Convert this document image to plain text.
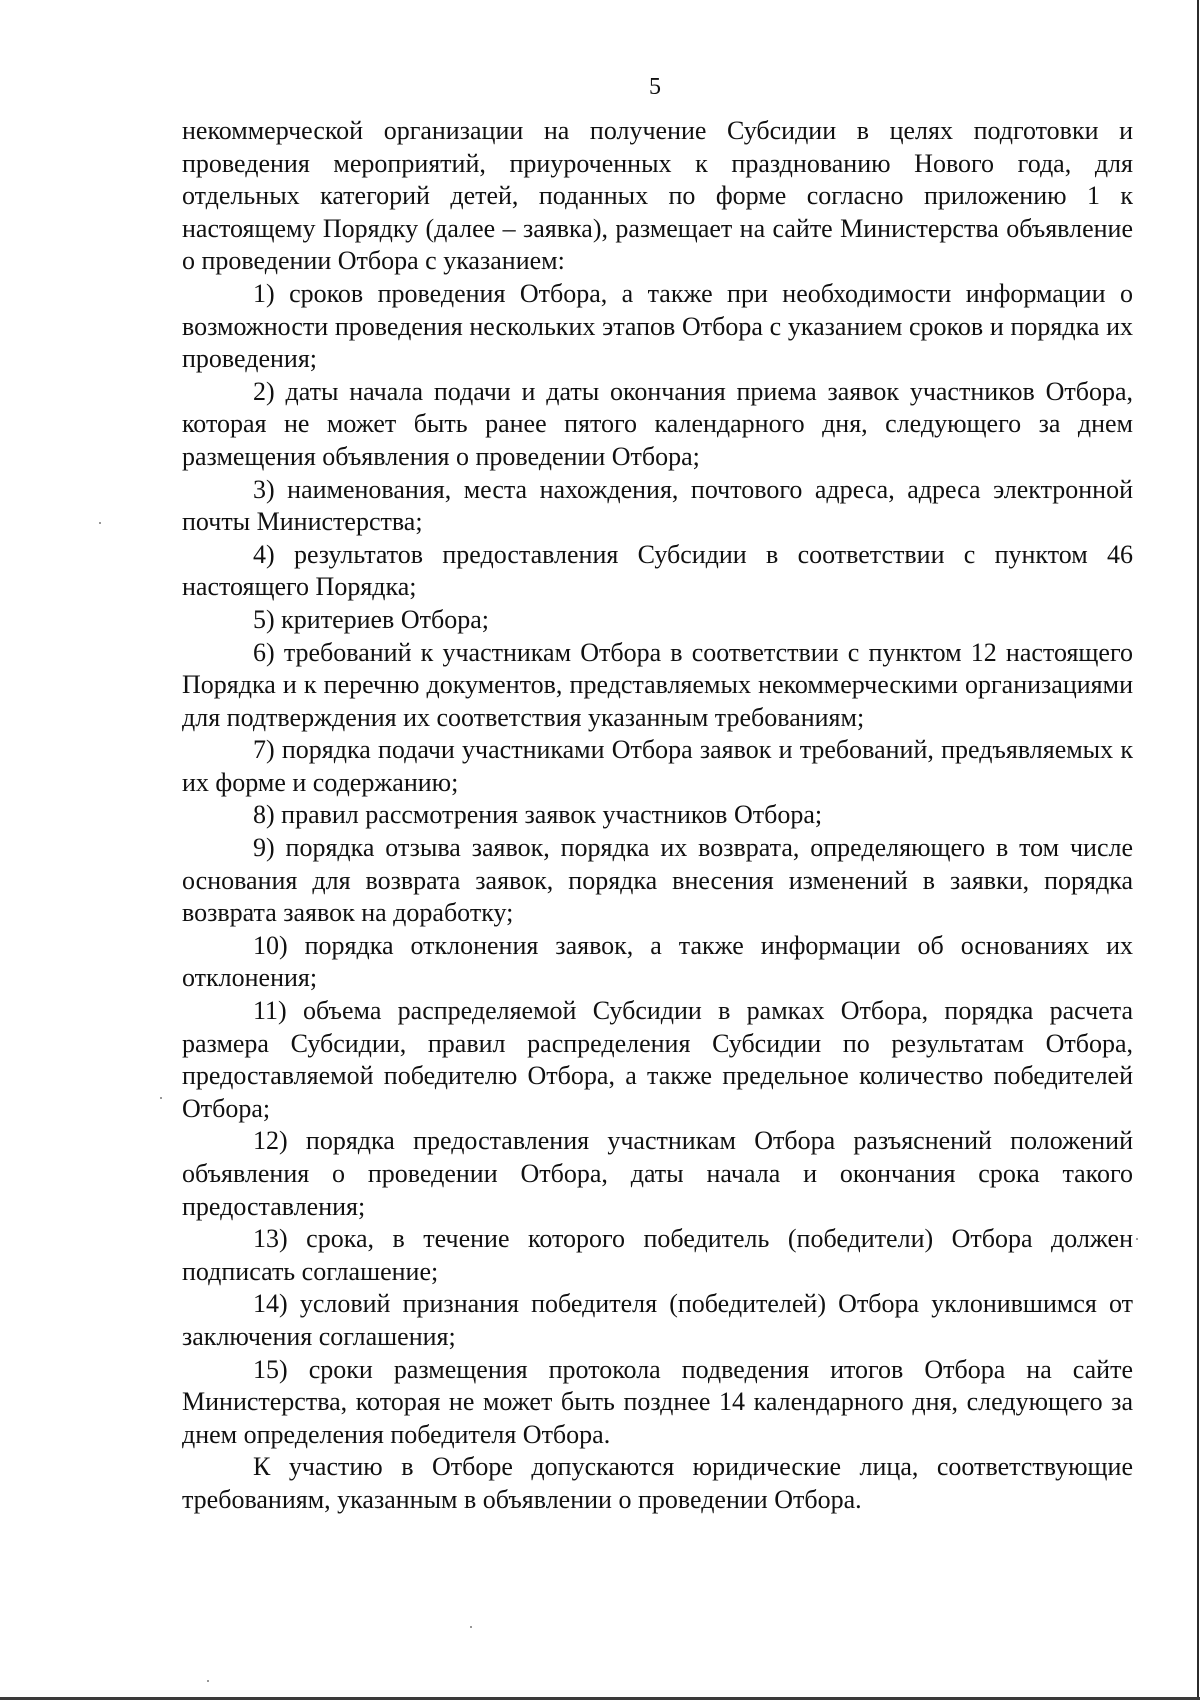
5

некоммерческой организации на получение Субсидии в целях подготовки и проведения мероприятий, приуроченных к празднованию Нового года, для отдельных категорий детей, поданных по форме согласно приложению 1 к настоящему Порядку (далее – заявка), размещает на сайте Министерства объявление о проведении Отбора с указанием:

1) сроков проведения Отбора, а также при необходимости информации о возможности проведения нескольких этапов Отбора с указанием сроков и порядка их проведения;

2) даты начала подачи и даты окончания приема заявок участников Отбора, которая не может быть ранее пятого календарного дня, следующего за днем размещения объявления о проведении Отбора;

3) наименования, места нахождения, почтового адреса, адреса электронной почты Министерства;

4) результатов предоставления Субсидии в соответствии с пунктом 46 настоящего Порядка;

5) критериев Отбора;

6) требований к участникам Отбора в соответствии с пунктом 12 настоящего Порядка и к перечню документов, представляемых некоммерческими организациями для подтверждения их соответствия указанным требованиям;

7) порядка подачи участниками Отбора заявок и требований, предъявляемых к их форме и содержанию;

8) правил рассмотрения заявок участников Отбора;

9) порядка отзыва заявок, порядка их возврата, определяющего в том числе основания для возврата заявок, порядка внесения изменений в заявки, порядка возврата заявок на доработку;

10) порядка отклонения заявок, а также информации об основаниях их отклонения;

11) объема распределяемой Субсидии в рамках Отбора, порядка расчета размера Субсидии, правил распределения Субсидии по результатам Отбора, предоставляемой победителю Отбора, а также предельное количество победителей Отбора;

12) порядка предоставления участникам Отбора разъяснений положений объявления о проведении Отбора, даты начала и окончания срока такого предоставления;

13) срока, в течение которого победитель (победители) Отбора должен подписать соглашение;

14) условий признания победителя (победителей) Отбора уклонившимся от заключения соглашения;

15) сроки размещения протокола подведения итогов Отбора на сайте Министерства, которая не может быть позднее 14 календарного дня, следующего за днем определения победителя Отбора.

К участию в Отборе допускаются юридические лица, соответствующие требованиям, указанным в объявлении о проведении Отбора.
